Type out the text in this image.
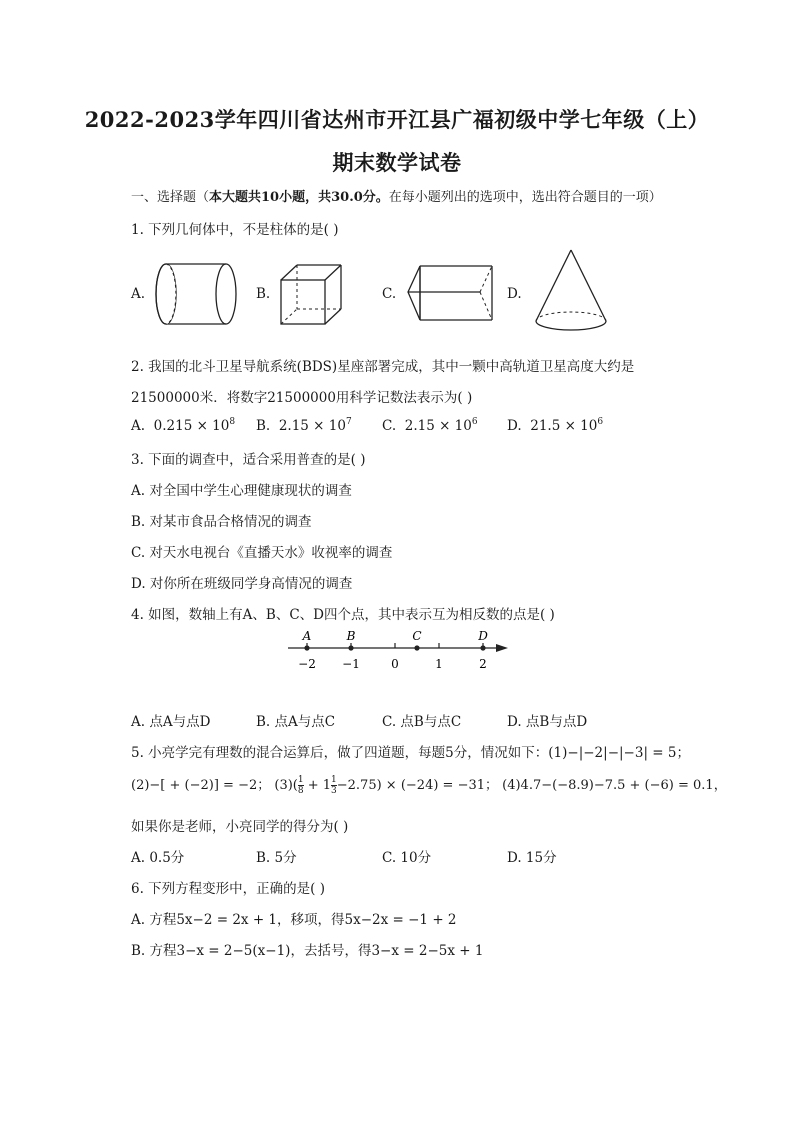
2022-2023学年四川省达州市开江县广福初级中学七年级（上）
期末数学试卷
一、选择题（本大题共10小题，共30.0分。在每小题列出的选项中，选出符合题目的一项）
1. 下列几何体中，不是柱体的是( )
A.	B.	C.	D.
2. 我国的北斗卫星导航系统(BDS)星座部署完成，其中一颗中高轨道卫星高度大约是
21500000米．将数字21500000用科学记数法表示为( )
A. $0.215 \times 10^8$ B. $2.15 \times 10^7$ C. $2.15 \times 10^6$ D. $21.5 \times 10^6$
3. 下面的调查中，适合采用普查的是( )
A. 对全国中学生心理健康现状的调查
B. 对某市食品合格情况的调查
C. 对天水电视台《直播天水》收视率的调查
D. 对你所在班级同学身高情况的调查
4. 如图，数轴上有A、B、C、D四个点，其中表示互为相反数的点是( )
−2 −1	0	1	2
A	B	C	D
A. 点A与点D	B. 点A与点C	C. 点B与点C	D. 点B与点D
5. 小亮学完有理数的混合运算后，做了四道题，每题5分，情况如下：(1)−|−2|−|−3| = 5；
(2)−[ + (−2)] = −2； $(3)( \frac{1}{8} + 1 \frac{1}{3} -2.75) \times (-24) = -31$； (4)4.7−(−8.9)−7.5 + (−6) = 0.1，
如果你是老师，小亮同学的得分为( )
A. 0.5分	B. 5分	C. 10分	D. 15分
6. 下列方程变形中，正确的是( )
A. 方程5x−2 = 2x + 1，移项，得5x−2x = −1 + 2
B. 方程3−x = 2−5(x−1)，去括号，得3−x = 2−5x + 1
